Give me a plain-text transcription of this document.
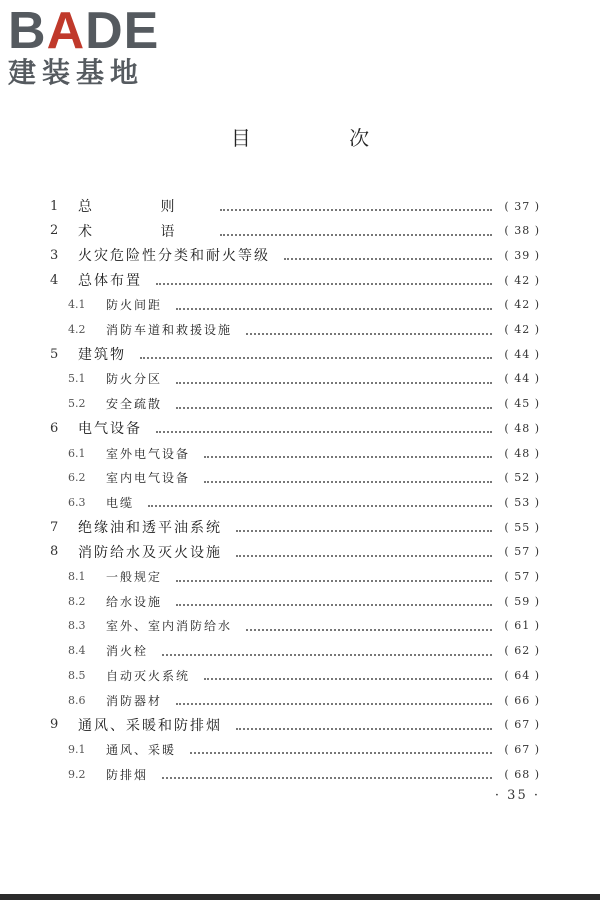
BADE
建装基地
目 次
1 总 则	( 37 )
2 术 语	( 38 )
3 火灾危险性分类和耐火等级	( 39 )
4 总体布置	( 42 )
4.1 防火间距	( 42 )
4.2 消防车道和救援设施	( 42 )
5 建筑物	( 44 )
5.1 防火分区	( 44 )
5.2 安全疏散	( 45 )
6 电气设备	( 48 )
6.1 室外电气设备	( 48 )
6.2 室内电气设备	( 52 )
6.3 电缆	( 53 )
7 绝缘油和透平油系统	( 55 )
8 消防给水及灭火设施	( 57 )
8.1 一般规定	( 57 )
8.2 给水设施	( 59 )
8.3 室外、室内消防给水	( 61 )
8.4 消火栓	( 62 )
8.5 自动灭火系统	( 64 )
8.6 消防器材	( 66 )
9 通风、采暖和防排烟	( 67 )
9.1 通风、采暖	( 67 )
9.2 防排烟	( 68 )
· 35 ·
